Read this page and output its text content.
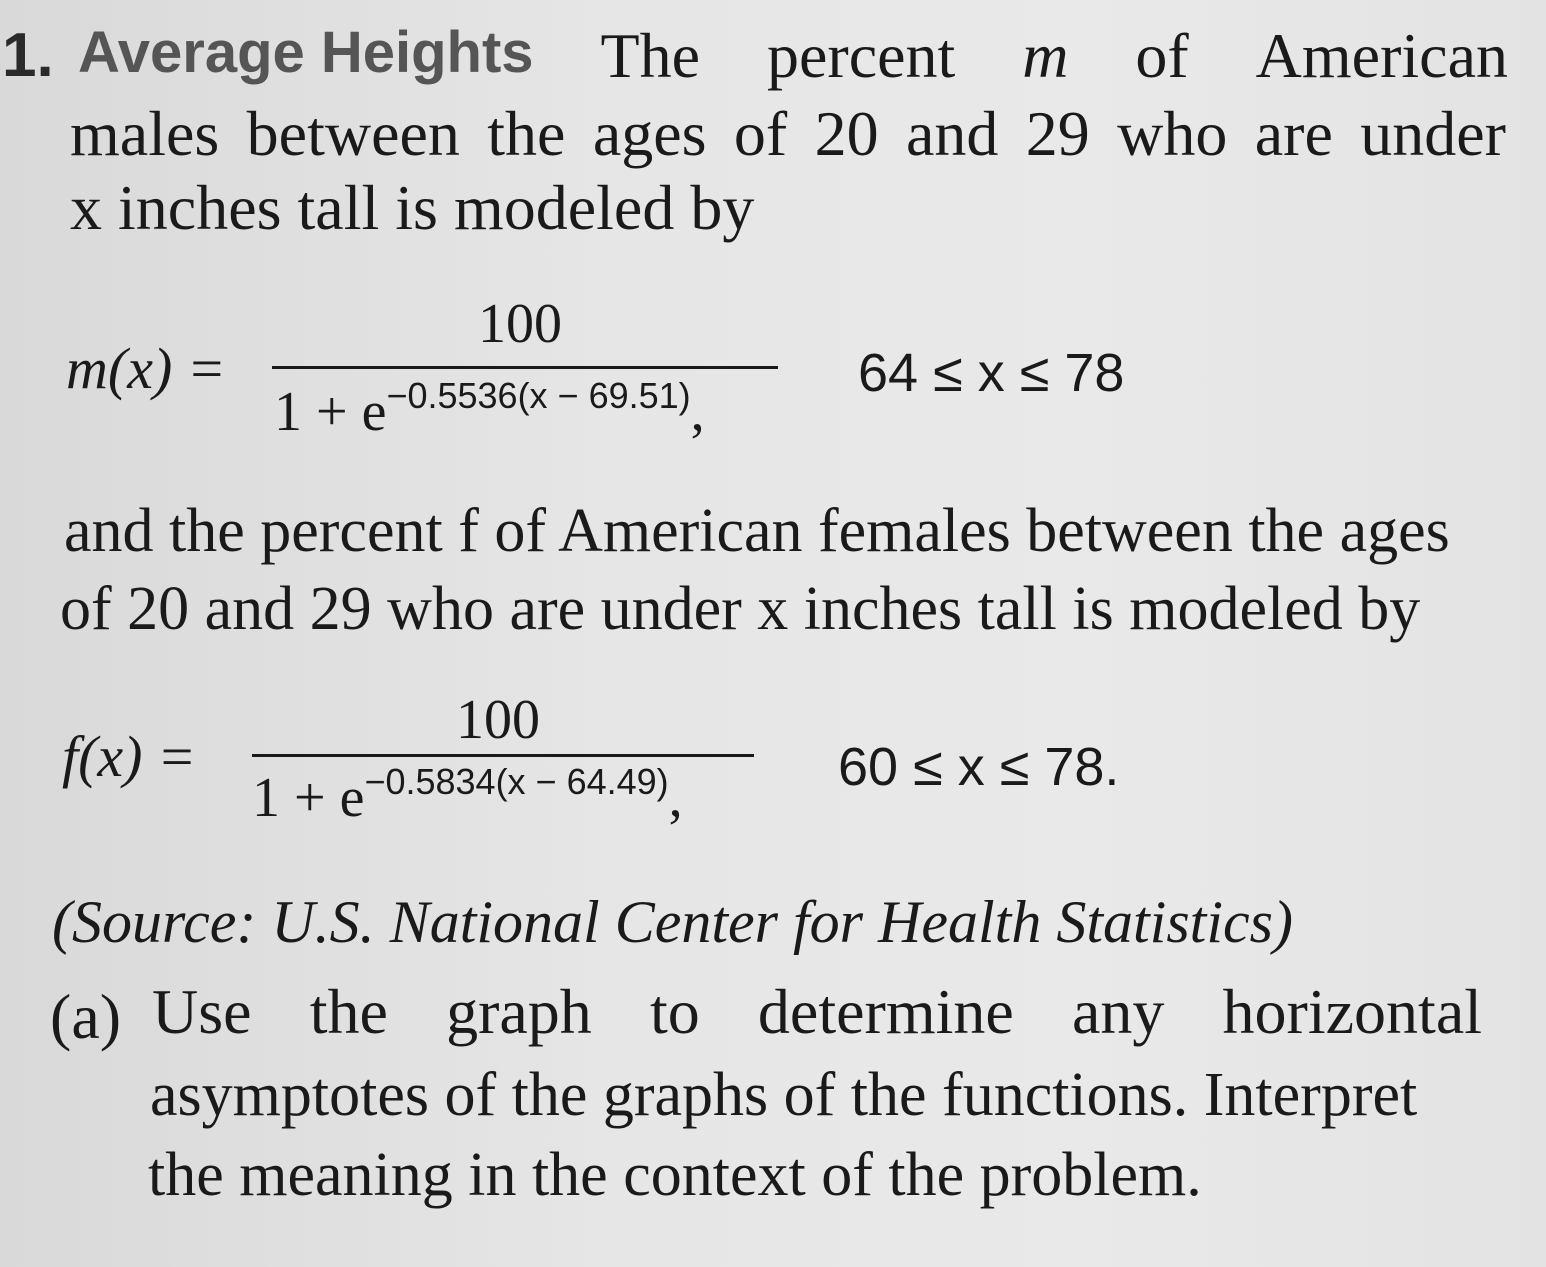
1. Average Heights The percent m of American
males between the ages of 20 and 29 who are under
x inches tall is modeled by
m(x) =
100
$1 + e^{-0.5536(x - 69.51)}$,
64 ≤ x ≤ 78
and the percent f of American females between the ages
of 20 and 29 who are under x inches tall is modeled by
f(x) =
100
$1 + e^{-0.5834(x - 64.49)}$,	60 ≤ x ≤ 78.
(Source: U.S. National Center for Health Statistics)
(a) Use the graph to determine any horizontal
asymptotes of the graphs of the functions. Interpret
the meaning in the context of the problem.
